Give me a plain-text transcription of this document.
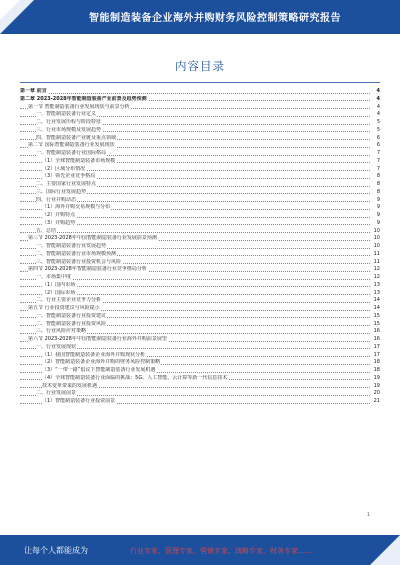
智能制造装备企业海外并购财务风险控制策略研究报告
内容目录
第一章 前言	4
第二章 2023-2028年智能制造装备产业前景及趋势预测	4
第一节 智能制造装备行业发展现状与前景分析	4
一、智能制造装备行业定义	4
二、行业发展历程与阶段特征	5
三、行业市场规模及发展趋势	5
四、智能制造装备产业链及重点领域	6
第二节 国际智能制造装备行业发展现状	6
一、智能制造装备行业国际格局	7
（1）全球智能制造装备市场规模	7
（2）区域分布情况	7
（3）领先企业竞争格局	8
二、主要国家行业发展特点	8
三、国际行业发展趋势	8
四、行业并购动态	9
（1）海外并购交易规模与分布	9
（2）并购特点	9
（3）并购趋势	9
五、总结	10
第三节 2023-2028年中国智能制造装备行业发展前景预测	10
一、智能制造装备行业发展趋势	10
二、智能制造装备行业市场规模预测	11
三、智能制造装备行业投资机会与风险	11
第四节 2023-2028年智能制造装备行业竞争格局分析	12
一、市场集中度	12
（1）国内市场	13
（2）国际市场	13
二、行业主要企业竞争力分析	14
第五节 行业投资建议与风险提示	14
一、智能制造装备行业投资建议	15
二、智能制造装备行业投资风险	15
三、行业风险应对策略	16
第六节 2023-2028年中国智能制造装备行业海外并购前景展望	16
一、行业发展现状	17
（1）我国智能制造装备企业海外并购现状分析	17
（2）智能制造装备企业海外并购的财务风险控制策略	18
（3）“一带一路”倡议下智能制造装备行业发展机遇	18
（4）全球智能制造装备行业面临的挑战：5G、人工智能、云计算等新一代信息技术	19
技术变革带来的发展机遇	19
二、行业发展前景	20
（1）智能制造装备行业投资前景	21
1
让每个人都能成为	行业专家、管理专家、营销专家、战略专家、财务专家……
